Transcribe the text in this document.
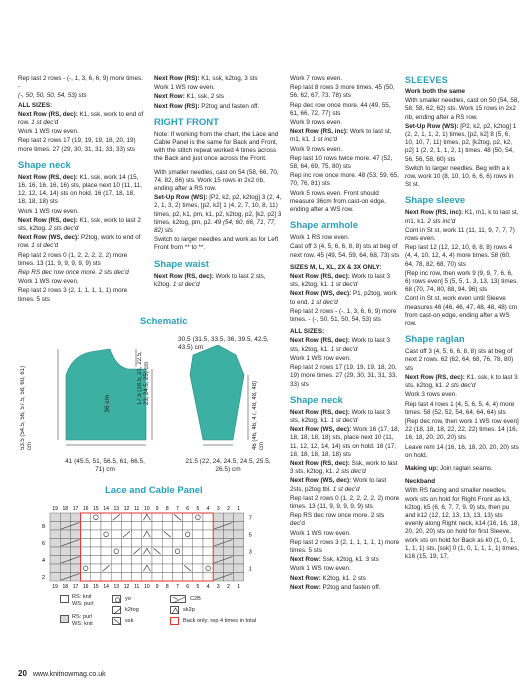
Rep last 2 rows - (-, 1, 3, 6, 6, 9) more times. -
(-, 50, 50, 50, 54, 53) sts
ALL SIZES:
Next Row (RS, dec): K1, ssk, work to end of row. 1 st dec'd
Work 1 WS row even.
Rep last 2 rows 17 (19, 19, 19, 18, 20, 19) more times. 27 (29, 30, 31, 31, 33, 33) sts
Shape neck
Next Row (RS, dec): K1, ssk, work 14 (15, 16, 16, 16, 16, 16) sts, place next 10 (11, 11, 12, 12, 14, 14) sts on hold. 16 (17, 18, 18, 18, 18, 18) sts
Work 1 WS row even.
Next Row (RS, dec): K1, ssk, work to last 2 sts, k2tog. 2 sts dec'd
Next Row (WS, dec): P2tog, work to end of row. 1 st dec'd
Rep last 2 rows 0 (1, 2, 2, 2, 2, 2) more times. 13 (11, 9, 9, 9, 9, 9) sts
Rep RS dec row once more. 2 sts dec'd
Work 1 WS row even.
Rep last 2 rows 3 (2, 1, 1, 1, 1, 1) more times. 5 sts
Next Row (RS): K1, ssk, k2tog, 3 sts
Work 1 WS row even.
Next Row: K1, ssk, 2 sts
Next Row (RS): P2tog and fasten off.
RIGHT FRONT
Note: If working from the chart, the Lace and Cable Panel is the same for Back and Front, with the stitch repeat worked 4 times across the Back and just once across the Front.
With smaller needles, cast on 54 (58, 66, 70, 74, 82, 86) sts. Work 15 rows in 2x2 rib, ending after a RS row.
Set-Up Row (WS): [P2, k2, p2, k2tog] 3 (2, 4, 2, 1, 3, 2) times, [p2, k2] 1 (4, 2, 7, 10, 8, 11) times, p2, k1, pm, k1, p2, k2tog, p2, [k2, p2] 3 times, k2tog, pm, p2. 49 (54, 60, 66, 71, 77, 82) sts
Switch to larger needles and work as for Left Front from ** to **.
Shape waist
Next Row (RS, dec): Work to last 2 sts, k2tog. 1 st dec'd
Work 7 rows even.
Rep last 8 rows 3 more times. 45 (50, 56, 62, 67, 73, 78) sts
Rep dec row once more. 44 (49, 55, 61, 66, 72, 77) sts
Work 9 rows even.
Next Row (RS, inc): Work to last st, m1, k1. 1 st inc'd
Work 9 rows even.
Rep last 10 rows twice more. 47 (52, 58, 64, 69, 75, 80) sts
Rep inc row once more. 48 (53, 59, 65, 70, 76, 81) sts
Work 5 rows even. Front should measure 36cm from cast-on edge, ending after a WS row.
Shape armhole
Work 1 RS row even.
Cast off 3 (4, 5, 6, 6, 8, 8) sts at beg of next row. 45 (49, 54, 59, 64, 68, 73) sts
SIZES M, L, XL, 2X & 3X ONLY:
Next Row (RS, dec): Work to last 3 sts, k2tog, k1. 1 st dec'd
Next Row (WS, dec): P1, p2tog, work to end. 1 st dec'd
Rep last 2 rows - (-, 1, 3, 6, 6, 9) more times. - (-, 50, 51, 50, 54, 53) sts
ALL SIZES:
Next Row (RS, dec): Work to last 3 sts, k2tog, k1. 1 st dec'd
Work 1 WS row even.
Rep last 2 rows 17 (19, 19, 19, 18, 20, 19) more times. 27 (29, 30, 31, 31, 33, 33) sts
Shape neck
Next Row (RS, dec): Work to last 3 sts, k2tog, k1. 1 st dec'd
Next Row (WS, dec): Work 16 (17, 18, 18, 18, 18, 18) sts, place next 10 (11, 11, 12, 12, 14, 14) sts on hold. 16 (17, 18, 18, 18, 18, 18) sts
Next Row (RS, dec): Ssk, work to last 3 sts, k2tog, k1. 2 sts dec'd
Next Row (WS, dec): Work to last 2sts, p2tog tbl. 1 st dec'd
Rep last 2 rows 0 (1, 2, 2, 2, 2, 2) more times. 13 (11, 9, 9, 9, 9, 9) sts
Rep RS dec row once more. 2 sts dec'd
Work 1 WS row even.
Rep last 2 rows 3 (2, 1, 1, 1, 1, 1) more times. 5 sts
Next Row: Ssk, k2tog, k1. 3 sts
Work 1 WS row even.
Next Row: K2tog, k1. 2 sts
Next Row: P2tog and fasten off.
SLEEVES
Work both the same
With smaller needles, cast on 50 (54, 58, 58, 58, 62, 62) sts. Work 15 rows in 2x2 rib, ending after a RS row.
Set-Up Row (WS): [P2, k2, p2, k2tog] 1 (2, 2, 1, 1, 2, 1) times, [p2, k2] 8 (5, 6, 10, 10, 7, 11) times, p2, [k2tog, p2, k2, p2] 1 (2, 2, 1, 1, 2, 1) times. 48 (50, 54, 56, 56, 58, 60) sts
Switch to larger needles. Beg with a k row, work 10 (8, 10, 10, 6, 6, 6) rows in St st.
Shape sleeve
Next Row (RS, inc): K1, m1, k to last st, m1, k1. 2 sts inc'd
Cont in St st, work 11 (11, 11, 9, 7, 7, 7) rows even.
Rep last 12 (12, 12, 10, 8, 8, 8) rows 4 (4, 4, 10, 12, 4, 4) more times. 58 (60, 64, 78, 82, 68, 70) sts
[Rep inc row, then work 9 (9, 9, 7, 6, 6, 6) rows even] 5 (5, 5, 1, 3, 13, 13) times. 68 (70, 74, 80, 88, 94, 96) sts
Cont in St st, work even until Sleeve measures 46 (46, 46, 47, 48, 48, 48) cm from cast-on edge, ending after a WS row.
Shape raglan
Cast off 3 (4, 5, 6, 6, 8, 8) sts at beg of next 2 rows. 62 (62, 64, 68, 76, 78, 80) sts
Next Row (RS, dec): K1, ssk, k to last 3 sts, k2tog, k1. 2 sts dec'd
Work 3 rows even.
Rep last 4 rows 1 (4, 5, 6, 5, 4, 4) more times. 58 (52, 52, 54, 64, 64, 64) sts
[Rep dec row, then work 1 WS row even] 22 (18, 18, 18, 22, 22, 22) times. 14 (16, 16, 18, 20, 20, 20) sts
Leave rem 14 (16, 16, 18, 20, 20, 20) sts on hold.
Making up: Join raglan seams.
Neckband
With RS facing and smaller needles, work sts on hold for Right Front as k3, k2tog, k5 (6, 6, 7, 7, 9, 9) sts, then pu and k12 (12, 12, 13, 13, 13, 13) sts evenly along Right neck, k14 (16, 16, 18, 20, 20, 20) sts on hold for first Sleeve, work sts on hold for Back as k0 (1, 0, 1, 1, 1, 1) sts, [ssk] 0 (1, 0, 1, 1, 1, 1) times, k16 (15, 19, 17,
Schematic
53.5 (54.5, 56, 57.5, 58, 60, 61) cm
17.5 (18.5, 21, 22.5, 23, 24.5, 25) cm
36 cm
41 (45.5, 51, 56.5, 61, 66.5, 71) cm
30.5 (31.5, 33.5, 36, 39.5, 42.5, 43.5) cm
46 (46, 46, 47, 48, 48, 48) cm
21.5 (22, 24, 24.5, 24.5, 25.5, 26.5) cm
Lace and Cable Panel
19
19
18
18
17
17
16
16
15
15
14
14
13
13
12
12
11
11
10
10
9
9
8
8
7
7
6
6
5
5
4
4
3
3
2
2
1
1
7
5
3
1
8
6
4
2
RS: knit
WS: purl
yo	C2B
k2tog	sk2p
RS: purl
WS: knit	ssk	Back only: rep 4 times in total
20 www.knitnowmag.co.uk
